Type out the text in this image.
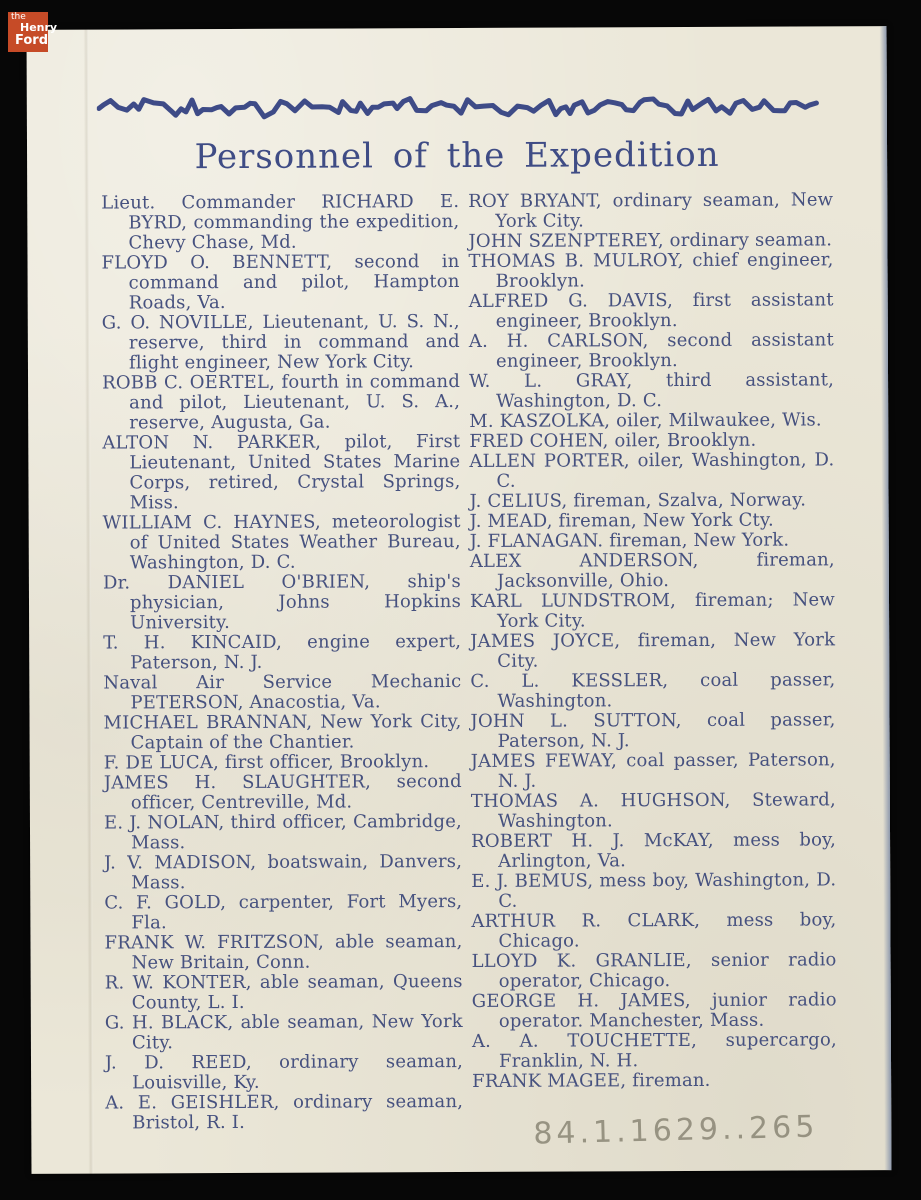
the
Henry
Ford
Personnel of the Expedition

Lieut. Commander RICHARD E. BYRD, commanding the expedition, Chevy Chase, Md.

FLOYD O. BENNETT, second in command and pilot, Hampton Roads, Va.

G. O. NOVILLE, Lieutenant, U. S. N., reserve, third in command and flight engineer, New York City.

ROBB C. OERTEL, fourth in command and pilot, Lieutenant, U. S. A., reserve, Augusta, Ga.

ALTON N. PARKER, pilot, First Lieutenant, United States Marine Corps, retired, Crystal Springs, Miss.

WILLIAM C. HAYNES, meteorologist of United States Weather Bureau, Washington, D. C.

Dr. DANIEL O'BRIEN, ship's physician, Johns Hopkins University.

T. H. KINCAID, engine expert, Paterson, N. J.

Naval Air Service Mechanic PETERSON, Anacostia, Va.

MICHAEL BRANNAN, New York City, Captain of the Chantier.

F. DE LUCA, first officer, Brooklyn.

JAMES H. SLAUGHTER, second officer, Centreville, Md.

E. J. NOLAN, third officer, Cambridge, Mass.

J. V. MADISON, boatswain, Danvers, Mass.

C. F. GOLD, carpenter, Fort Myers, Fla.

FRANK W. FRITZSON, able seaman, New Britain, Conn.

R. W. KONTER, able seaman, Queens County, L. I.

G. H. BLACK, able seaman, New York City.

J. D. REED, ordinary seaman, Louisville, Ky.

A. E. GEISHLER, ordinary seaman, Bristol, R. I.

ROY BRYANT, ordinary seaman, New York City.

JOHN SZENPTEREY, ordinary seaman.

THOMAS B. MULROY, chief engineer, Brooklyn.

ALFRED G. DAVIS, first assistant engineer, Brooklyn.

A. H. CARLSON, second assistant engineer, Brooklyn.

W. L. GRAY, third assistant, Washington, D. C.

M. KASZOLKA, oiler, Milwaukee, Wis.

FRED COHEN, oiler, Brooklyn.

ALLEN PORTER, oiler, Washington, D. C.

J. CELIUS, fireman, Szalva, Norway.

J. MEAD, fireman, New York Cty.

J. FLANAGAN. fireman, New York.

ALEX ANDERSON, fireman, Jacksonville, Ohio.

KARL LUNDSTROM, fireman; New York City.

JAMES JOYCE, fireman, New York City.

C. L. KESSLER, coal passer, Washington.

JOHN L. SUTTON, coal passer, Paterson, N. J.

JAMES FEWAY, coal passer, Paterson, N. J.

THOMAS A. HUGHSON, Steward, Washington.

ROBERT H. J. McKAY, mess boy, Arlington, Va.

E. J. BEMUS, mess boy, Washington, D. C.

ARTHUR R. CLARK, mess boy, Chicago.

LLOYD K. GRANLIE, senior radio operator, Chicago.

GEORGE H. JAMES, junior radio operator. Manchester, Mass.

A. A. TOUCHETTE, supercargo, Franklin, N. H.

FRANK MAGEE, fireman.

84.1.1629..265
